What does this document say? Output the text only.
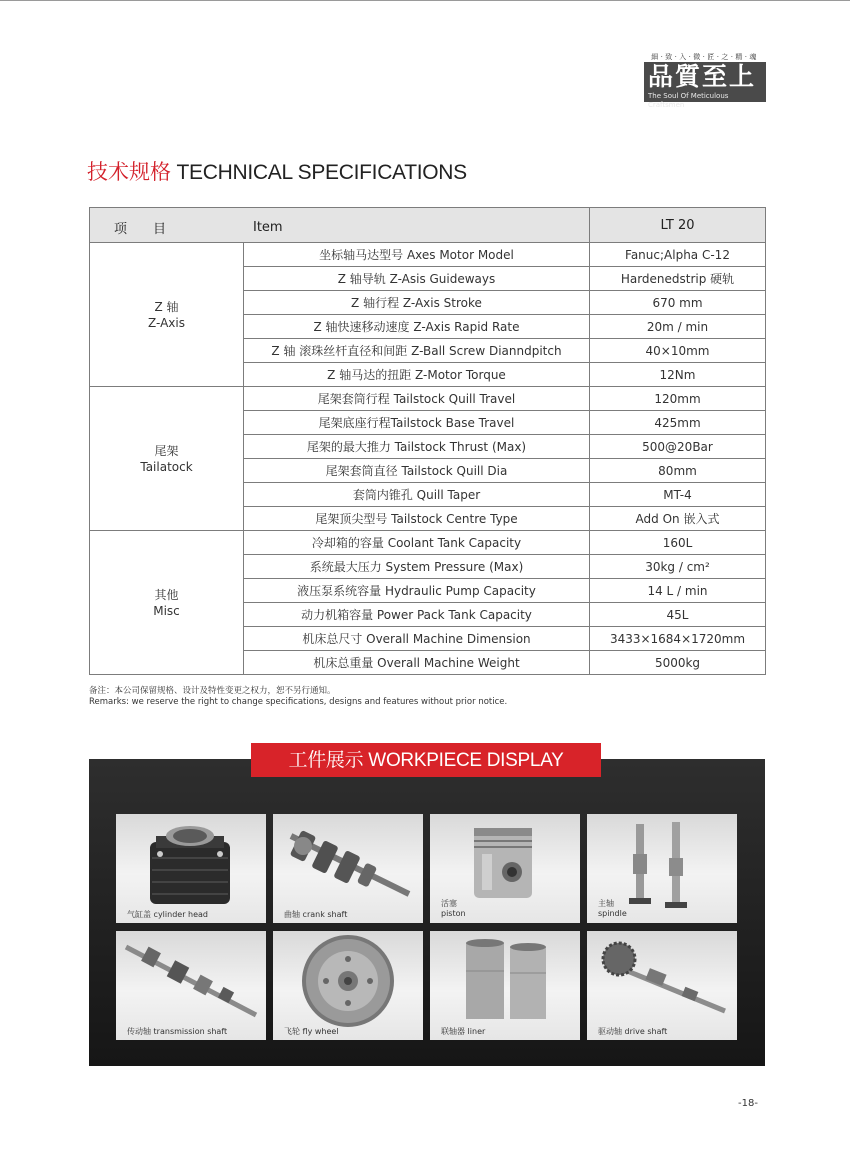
細·致·入·微·匠·之·精·魂
品質至上
The Soul Of Meticulous Craftsmen
技术规格 TECHNICAL SPECIFICATIONS
项目 Item		LT 20

Z 轴
Z-Axis	坐标轴马达型号 Axes Motor Model	Fanuc;Alpha C-12
	Z 轴导轨 Z-Asis Guideways	Hardenedstrip 硬轨
	Z 轴行程 Z-Axis Stroke	670 mm
	Z 轴快速移动速度 Z-Axis Rapid Rate	20m / min
	Z 轴 滚珠丝杆直径和间距 Z-Ball Screw Dianndpitch	40×10mm
	Z 轴马达的扭距 Z-Motor Torque	12Nm

尾架
Tailatock	尾架套筒行程 Tailstock Quill Travel	120mm
	尾架底座行程Tailstock Base Travel	425mm
	尾架的最大推力 Tailstock Thrust (Max)	500@20Bar
	尾架套筒直径 Tailstock Quill Dia	80mm
	套筒内锥孔 Quill Taper	MT-4
	尾架顶尖型号 Tailstock Centre Type	Add On 嵌入式

其他
Misc	冷却箱的容量 Coolant Tank Capacity	160L
	系统最大压力 System Pressure (Max)	30kg / cm²
	液压泵系统容量 Hydraulic Pump Capacity	14 L / min
	动力机箱容量 Power Pack Tank Capacity	45L
	机床总尺寸 Overall Machine Dimension	3433×1684×1720mm
	机床总重量 Overall Machine Weight	5000kg
备注：本公司保留规格、设计及特性变更之权力，恕不另行通知。
Remarks: we reserve the right to change specifications, designs and features without prior notice.
工件展示 WORKPIECE DISPLAY
气缸盖 cylinder head	曲轴 crank shaft
活塞
piston
主轴
spindle
传动轴 transmission shaft	飞轮 fly wheel	联轴器 liner	驱动轴 drive shaft
-18-
